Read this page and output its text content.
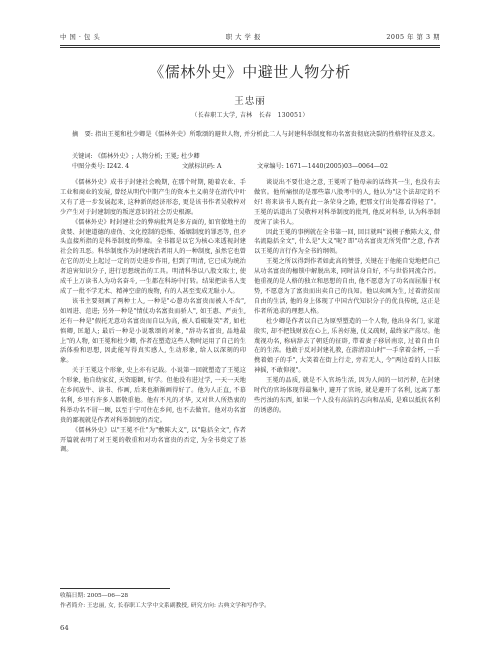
中 国 · 包 头	职 大 学 报	2005 年 第 3 期
《儒林外史》中避世人物分析
王忠丽
（长春职工大学, 吉林　长春　130051）
摘　要: 指出王冕和杜少卿是《儒林外史》所歌颂的避世人物, 并分析此二人与封建科举制度和功名富贵彻底决裂的性格特征及意义。
关键词: 《儒林外史》; 人物分析; 王冕; 杜少卿
中图分类号: I242. 4	文献标识码: A	文章编号: 1671—1440(2005)03—0064—02

《儒林外史》成书于封建社会晚期, 在那个时期, 随着农业、手工业和商业的发展, 曾经从明代中期产生的资本主义萌芽在清代中叶又有了进一步发展起来, 这种新的经济形态, 更是该书作者吴敬梓对少产生对于封建制度的叛逆意识的社会历史根源。

《儒林外史》时封建社会的弊病批判是多方面的, 如官僚地主的贪婪、封建道德的虚伪、文化控制的恐怖、婚姻制度的罪恶等, 但矛头直接所指的是科举制度的弊端。全书都是以它为核心来透视封建社会的丑恶。科举制度作为封建统治者用人的一种制度, 虽然它也曾在它的历史上起过一定的历史进步作用, 但到了明清, 它已成为统治者迫害知识分子, 进行思想统治的工具。明清科举以八股文取士, 使成千上万读书人为功名奋斗, 一生都在科场中打转。结果把读书人变成了一批不学无术、精神空虚的废物, 有的人甚至变成无耻小人。

该书主要刻画了两种士人, 一种是"心憩功名富贵而被人不齿", 如周进、范进; 另外一种是"情仗功名富贵而骄人", 如王惠、严贡生, 还有一种是"假托无意功名富贵而自以为高, 被人看破耻笑"者, 如杜慎卿, 匡超人; 最后一种是小说歌颂的对象, "辞功名富贵, 品地最上"的人物, 如王冕和杜少卿, 作者在塑造这些人物时运用了自己的生活体验和思想, 因此能写得真实感人, 生动形象, 给人以深刻的印象。

关于王冕这个形象, 史上亦有记载。小说第一回就塑造了王冕这个形象, 他自幼家贫, 天资聪颖, 好学。但他没有进过学, 一天一天地在乡间放牛、读书、作画, 后来也渐渐画得好了。他为人正直, 不慕名利, 乡里有许多人都敬重他。他有不凡的才华, 又对世人所热衷的科举功名不屑一顾, 以至于宁可住在乡间, 也不去做官。他对功名富贵的鄙视就是作者对科举制度的否定。

《儒林外史》以"王冕不仕"为"敷陈大义", 以"隐括全文", 作者开篇就表明了对王冕的敬重和对功名富贵的否定, 为全书奠定了基调。

谈说出不要仕途之意, 王冕听了他母亲的话终其一生, 也没有去做官。他所痛恨的是那些靠八股考中的人, 他认为"这个法却定的不好! 将来读书人既有此一条荣身之路, 把那文行出处都看得轻了"。王冕的话道出了吴敬梓对科举制度的批判, 他反对科举, 认为科举制度害了读书人。

因此王冕的事例就在全书第一回, 回目就叫"说楔子敷陈大义, 借名流隐括全文", 什么是"大义"呢? 即"功名富贵无所凭借"之意, 作者以王冕的言行作为全书的纲领。

王冕之所以得到作者如此高的赞誉, 关键在于他能自觉地把自己从功名富贵的枷锁中解脱出来, 同时洁身自好, 不与世俗同流合污。他重视的是人格的独立和思想的自由, 他不愿意为了功名而屈服于权势, 不愿意为了富贵而出卖自己的良知。他以卖画为生, 过着清贫而自由的生活, 他的身上体现了中国古代知识分子的优良传统, 这正是作者所追求的理想人格。

杜少卿是作者以自己为原型塑造的一个人物, 他出身名门, 家道殷实, 却不把钱财放在心上, 乐善好施, 仗义疏财, 最终家产荡尽。他蔑视功名, 称病辞去了朝廷的征辟, 带着妻子移居南京, 过着自由自在的生活。他敢于反对封建礼教, 在游清凉山时"一手拿着金杯, 一手携着娘子的手", 大笑着在街上行走, 旁若无人, 令"两边看的人目眩神摇, 不敢仰视"。

王冕的品质, 就是不入官场生活, 因为人间的一切污秽, 在封建时代的官场体现得最集中, 避开了官场, 就是避开了名利, 远离了那些污浊的东西, 如果一个人没有高洁的志向和品质, 是难以抵抗名利的诱惑的。

收稿日期: 2005—06—28
作者简介: 王忠丽, 女, 长春职工大学中文系副教授, 研究方向: 古典文学和写作学。
64
